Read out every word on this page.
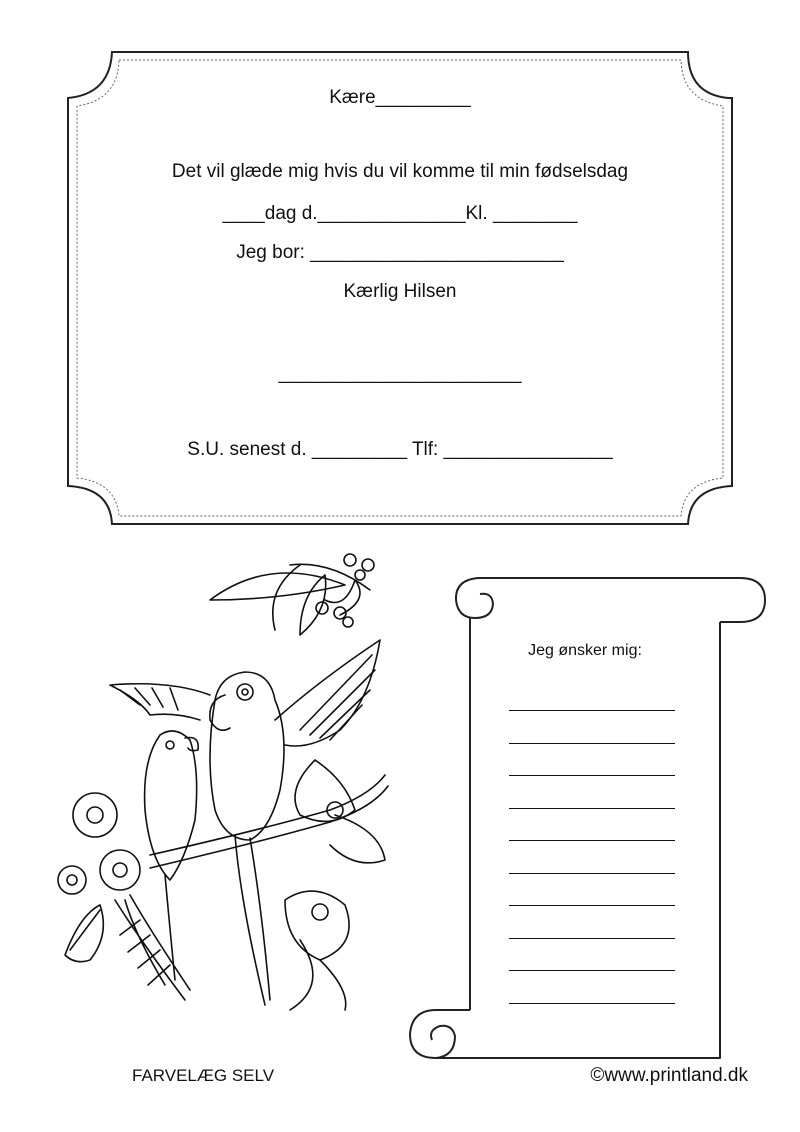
Kære_________
Det vil glæde mig hvis du vil komme til min fødselsdag
____dag d.______________Kl. ________
Jeg bor: ________________________
Kærlig Hilsen
_______________________
S.U. senest d. _________ Tlf: ________________
Jeg ønsker mig:
FARVELÆG SELV	©www.printland.dk
